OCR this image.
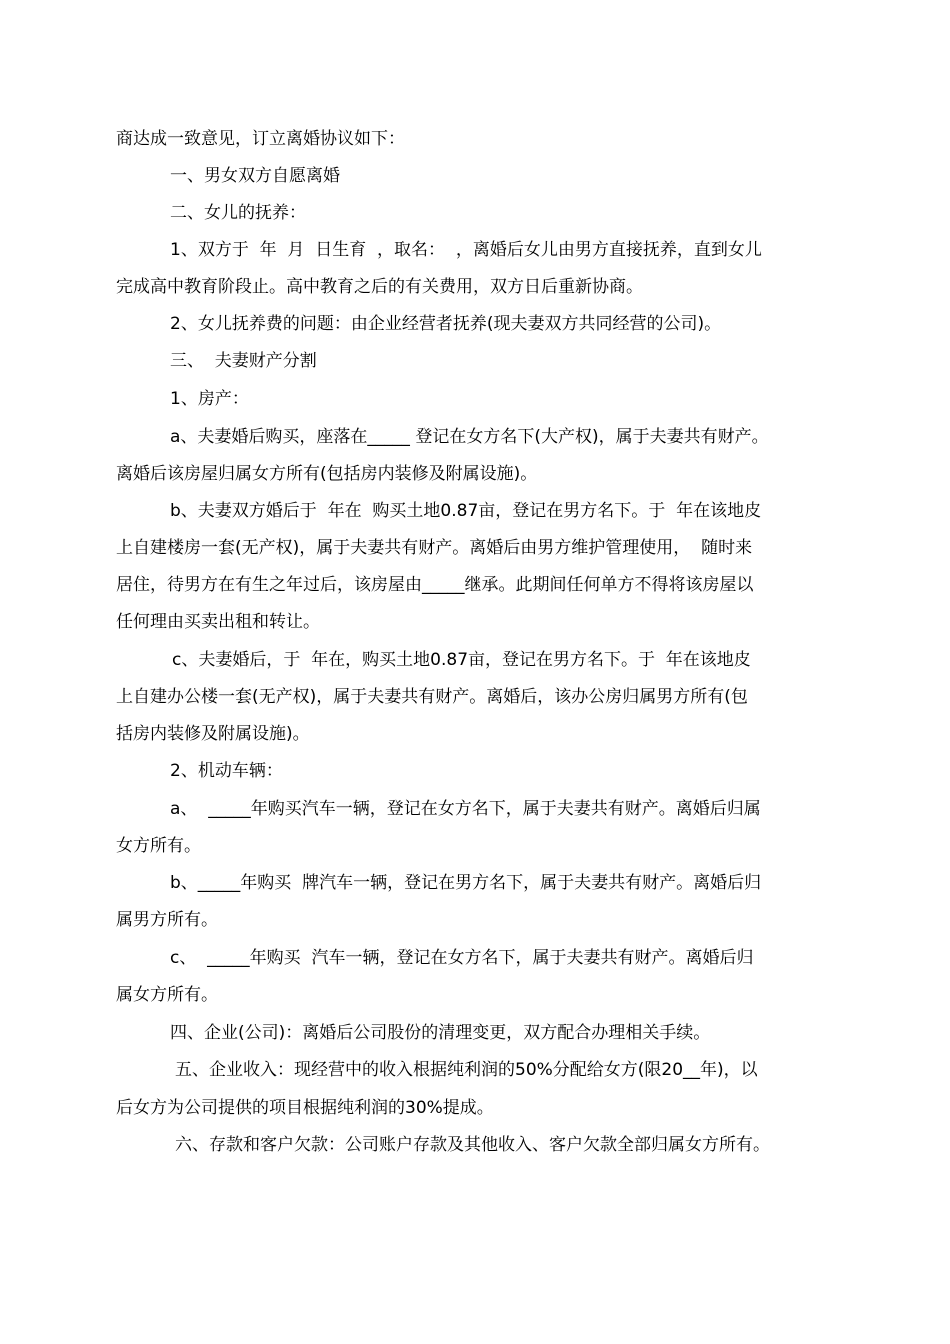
商达成一致意见，订立离婚协议如下：

一、男女双方自愿离婚

二、女儿的抚养：

1、双方于  年  月  日生育  ，取名：  ，离婚后女儿由男方直接抚养，直到女儿

完成高中教育阶段止。高中教育之后的有关费用，双方日后重新协商。

2、女儿抚养费的问题：由企业经营者抚养(现夫妻双方共同经营的公司)。

三、  夫妻财产分割

1、房产：

a、夫妻婚后购买，座落在_____ 登记在女方名下(大产权)，属于夫妻共有财产。

离婚后该房屋归属女方所有(包括房内装修及附属设施)。

b、夫妻双方婚后于  年在  购买土地0.87亩，登记在男方名下。于  年在该地皮

上自建楼房一套(无产权)，属于夫妻共有财产。离婚后由男方维护管理使用，  随时来

居住，待男方在有生之年过后，该房屋由_____继承。此期间任何单方不得将该房屋以

任何理由买卖出租和转让。

c、夫妻婚后，于  年在，购买土地0.87亩，登记在男方名下。于  年在该地皮

上自建办公楼一套(无产权)，属于夫妻共有财产。离婚后，该办公房归属男方所有(包

括房内装修及附属设施)。

2、机动车辆：

a、  _____年购买汽车一辆，登记在女方名下，属于夫妻共有财产。离婚后归属

女方所有。

b、_____年购买  牌汽车一辆，登记在男方名下，属于夫妻共有财产。离婚后归

属男方所有。

c、  _____年购买  汽车一辆，登记在女方名下，属于夫妻共有财产。离婚后归

属女方所有。

四、企业(公司)：离婚后公司股份的清理变更，双方配合办理相关手续。

五、企业收入：现经营中的收入根据纯利润的50%分配给女方(限20__年)，以

后女方为公司提供的项目根据纯利润的30%提成。

六、存款和客户欠款：公司账户存款及其他收入、客户欠款全部归属女方所有。
